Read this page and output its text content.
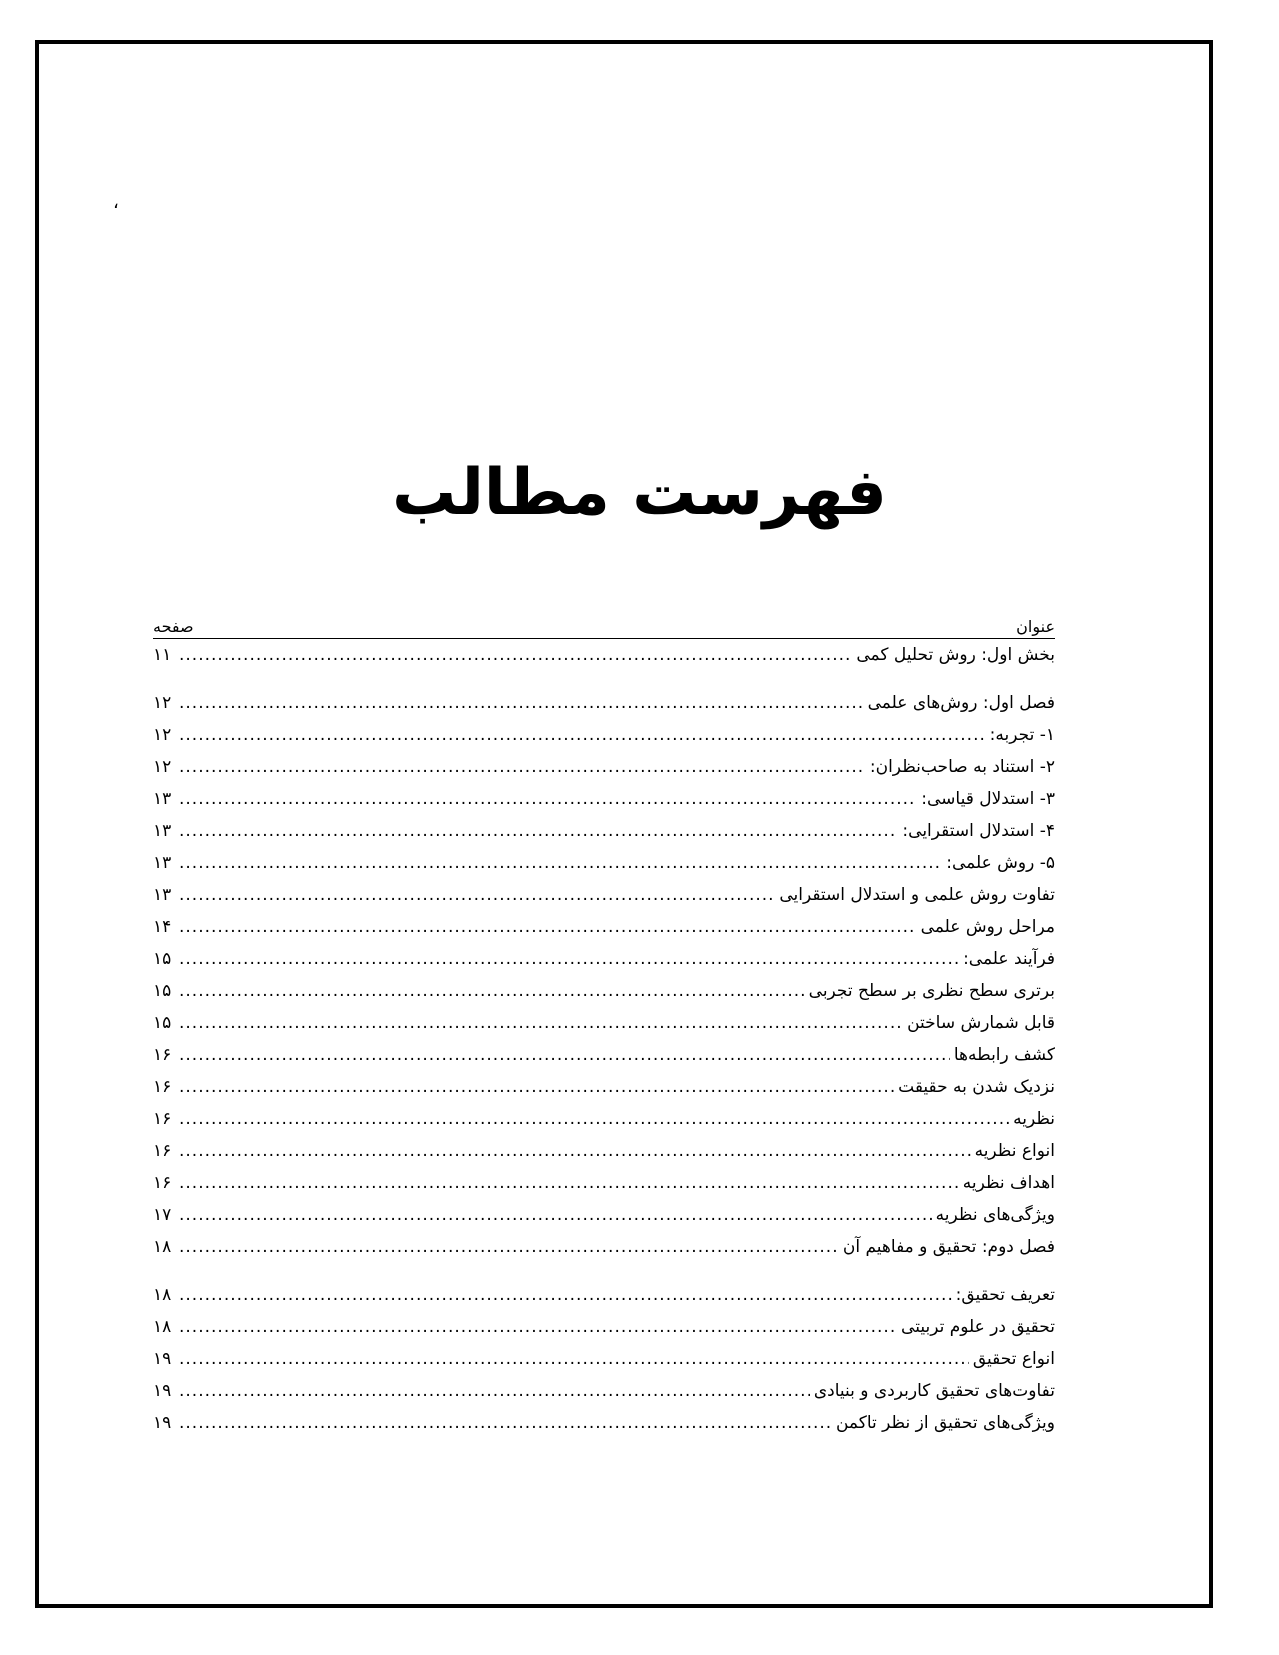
،
فهرست مطالب
عنوان
صفحه
بخش اول: روش تحلیل کمی
.....
۱۱
فصل اول: روش‌های علمی
.....
۱۲
۱- تجربه:
.....
۱۲
۲- استناد به صاحب‌نظران:
.....
۱۲
۳- استدلال قیاسی:
.....
۱۳
۴- استدلال استقرایی:
.....
۱۳
۵- روش علمی:
.....
۱۳
تفاوت روش علمی و استدلال استقرایی
.....
۱۳
مراحل روش علمی
.....
۱۴
فرآیند علمی:
.....
۱۵
برتری سطح نظری بر سطح تجربی
.....
۱۵
قابل شمارش ساختن
.....
۱۵
کشف رابطه‌ها
.....
۱۶
نزدیک شدن به حقیقت
.....
۱۶
نظریه
.....
۱۶
انواع نظریه
.....
۱۶
اهداف نظریه
.....
۱۶
ویژگی‌های نظریه
.....
۱۷
فصل دوم: تحقیق و مفاهیم آن
.....
۱۸
تعریف تحقیق:
.....
۱۸
تحقیق در علوم تربیتی
.....
۱۸
انواع تحقیق
.....
۱۹
تفاوت‌های تحقیق کاربردی و بنیادی
.....
۱۹
ویژگی‌های تحقیق از نظر تاکمن
.....
۱۹
